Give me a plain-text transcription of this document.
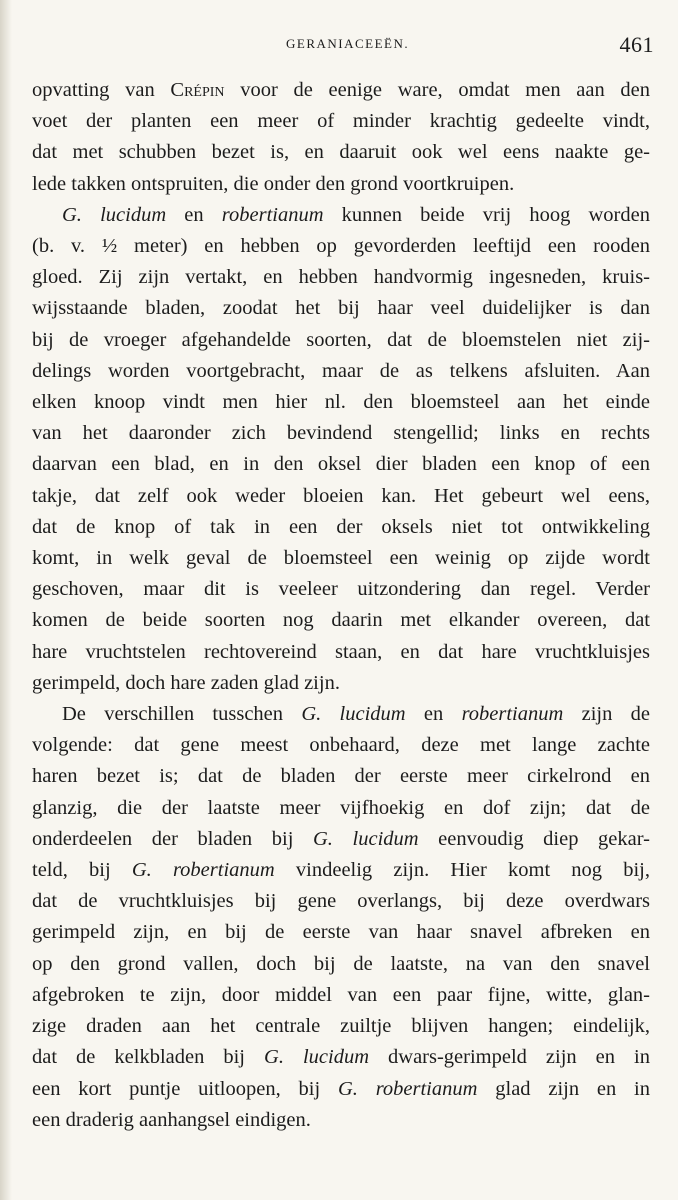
GERANIACEEËN.	461
opvatting van Crépin voor de eenige ware, omdat men aan den
voet der planten een meer of minder krachtig gedeelte vindt,
dat met schubben bezet is, en daaruit ook wel eens naakte ge-
lede takken ontspruiten, die onder den grond voortkruipen.
G. lucidum en robertianum kunnen beide vrij hoog worden
(b. v. ½ meter) en hebben op gevorderden leeftijd een rooden
gloed. Zij zijn vertakt, en hebben handvormig ingesneden, kruis-
wijsstaande bladen, zoodat het bij haar veel duidelijker is dan
bij de vroeger afgehandelde soorten, dat de bloemstelen niet zij-
delings worden voortgebracht, maar de as telkens afsluiten. Aan
elken knoop vindt men hier nl. den bloemsteel aan het einde
van het daaronder zich bevindend stengellid; links en rechts
daarvan een blad, en in den oksel dier bladen een knop of een
takje, dat zelf ook weder bloeien kan. Het gebeurt wel eens,
dat de knop of tak in een der oksels niet tot ontwikkeling
komt, in welk geval de bloemsteel een weinig op zijde wordt
geschoven, maar dit is veeleer uitzondering dan regel. Verder
komen de beide soorten nog daarin met elkander overeen, dat
hare vruchtstelen rechtovereind staan, en dat hare vruchtkluisjes
gerimpeld, doch hare zaden glad zijn.
De verschillen tusschen G. lucidum en robertianum zijn de
volgende: dat gene meest onbehaard, deze met lange zachte
haren bezet is; dat de bladen der eerste meer cirkelrond en
glanzig, die der laatste meer vijfhoekig en dof zijn; dat de
onderdeelen der bladen bij G. lucidum eenvoudig diep gekar-
teld, bij G. robertianum vindeelig zijn. Hier komt nog bij,
dat de vruchtkluisjes bij gene overlangs, bij deze overdwars
gerimpeld zijn, en bij de eerste van haar snavel afbreken en
op den grond vallen, doch bij de laatste, na van den snavel
afgebroken te zijn, door middel van een paar fijne, witte, glan-
zige draden aan het centrale zuiltje blijven hangen; eindelijk,
dat de kelkbladen bij G. lucidum dwars-gerimpeld zijn en in
een kort puntje uitloopen, bij G. robertianum glad zijn en in
een draderig aanhangsel eindigen.
